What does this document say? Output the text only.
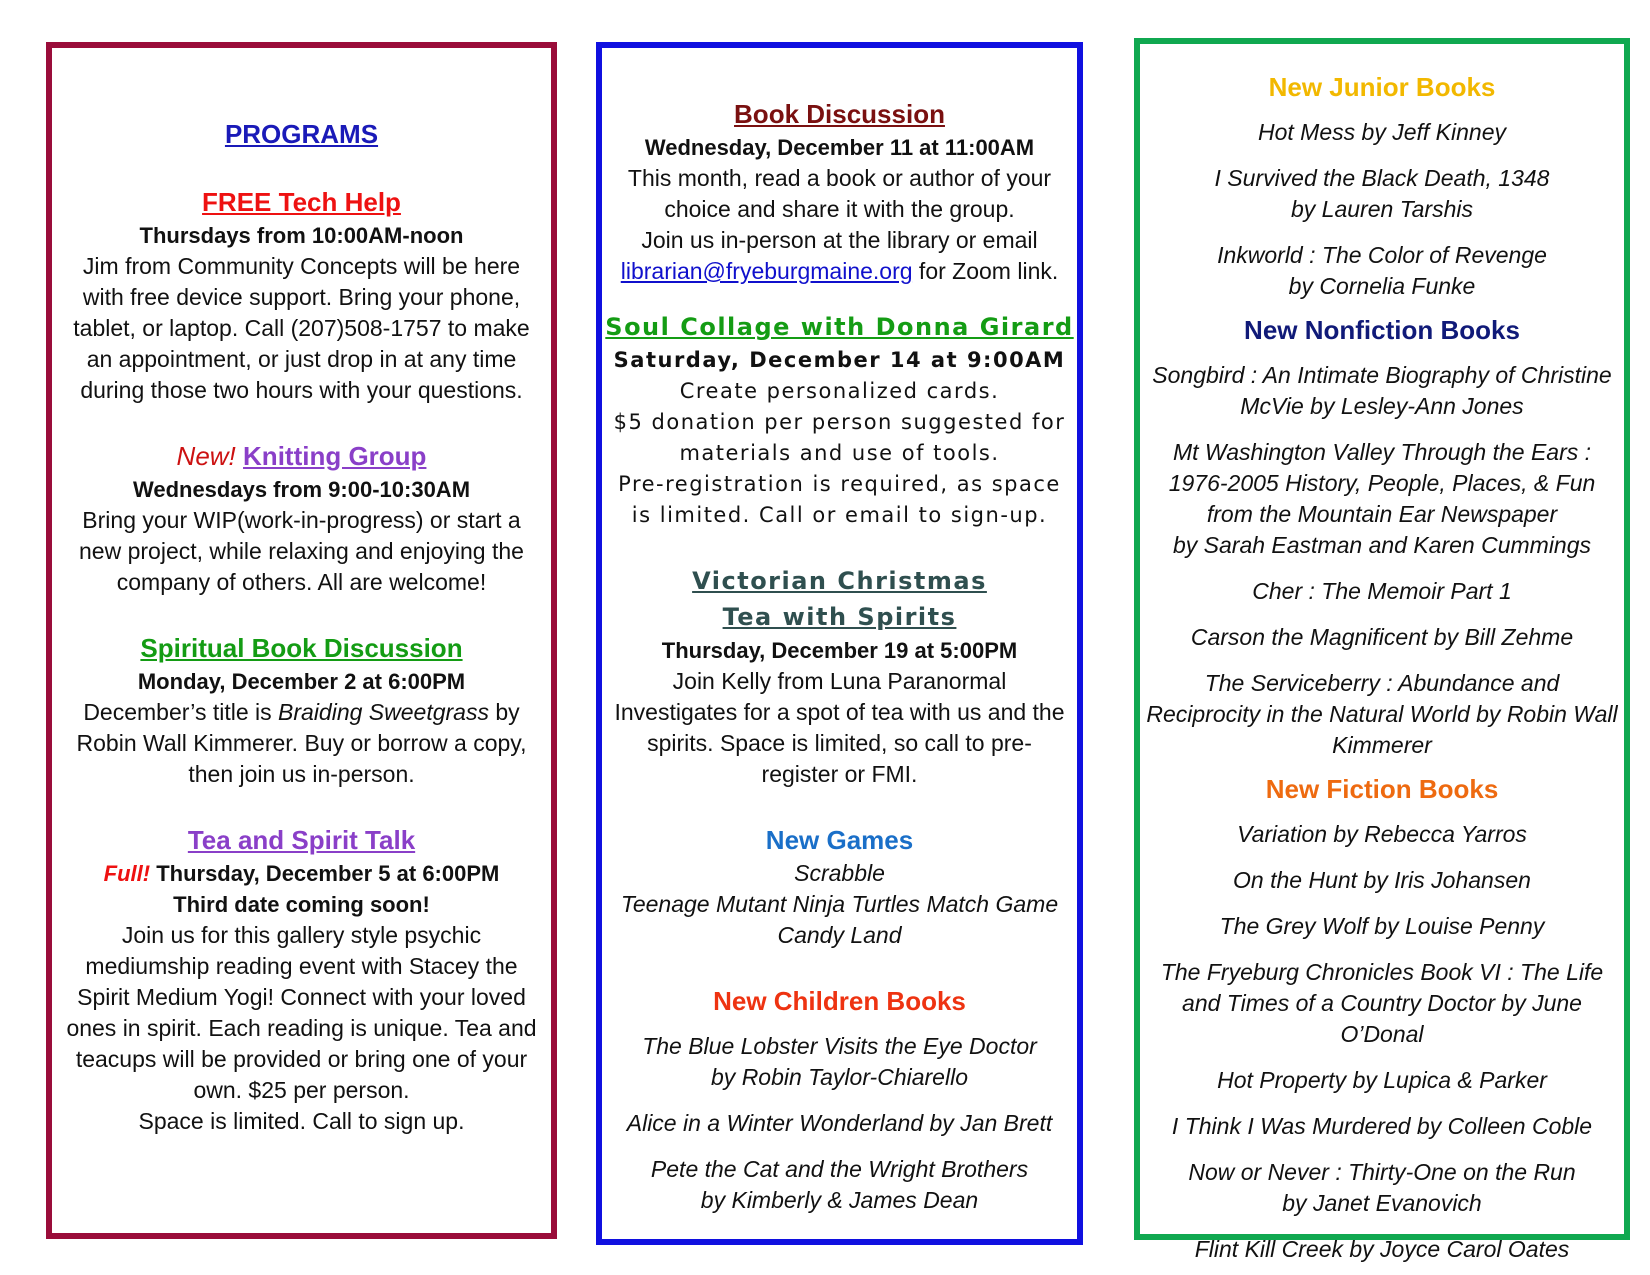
PROGRAMS

FREE Tech Help

Thursdays from 10:00AM-noon

Jim from Community Concepts will be here with free device support. Bring your phone, tablet, or laptop. Call (207)508-1757 to make an appointment, or just drop in at any time during those two hours with your questions.

New! Knitting Group

Wednesdays from 9:00-10:30AM

Bring your WIP(work-in-progress) or start a new project, while relaxing and enjoying the company of others. All are welcome!

Spiritual Book Discussion

Monday, December 2 at 6:00PM

December’s title is Braiding Sweetgrass by Robin Wall Kimmerer. Buy or borrow a copy, then join us in-person.

Tea and Spirit Talk

Full! Thursday, December 5 at 6:00PM

Third date coming soon!

Join us for this gallery style psychic mediumship reading event with Stacey the Spirit Medium Yogi! Connect with your loved ones in spirit. Each reading is unique. Tea and teacups will be provided or bring one of your own. $25 per person.

Space is limited. Call to sign up.

Book Discussion

Wednesday, December 11 at 11:00AM

This month, read a book or author of your choice and share it with the group.

Join us in-person at the library or email

librarian@fryeburgmaine.org for Zoom link.

Soul Collage with Donna Girard

Saturday, December 14 at 9:00AM

Create personalized cards.

$5 donation per person suggested for materials and use of tools.

Pre-registration is required, as space is limited. Call or email to sign-up.

Victorian Christmas

Tea with Spirits

Thursday, December 19 at 5:00PM

Join Kelly from Luna Paranormal Investigates for a spot of tea with us and the spirits. Space is limited, so call to pre-register or FMI.

New Games

Scrabble

Teenage Mutant Ninja Turtles Match Game

Candy Land

New Children Books

The Blue Lobster Visits the Eye Doctor
by Robin Taylor-Chiarello

Alice in a Winter Wonderland by Jan Brett

Pete the Cat and the Wright Brothers
by Kimberly & James Dean

New Junior Books

Hot Mess by Jeff Kinney

I Survived the Black Death, 1348
by Lauren Tarshis

Inkworld : The Color of Revenge
by Cornelia Funke

New Nonfiction Books

Songbird : An Intimate Biography of Christine McVie by Lesley-Ann Jones

Mt Washington Valley Through the Ears : 1976-2005 History, People, Places, & Fun from the Mountain Ear Newspaper
by Sarah Eastman and Karen Cummings

Cher : The Memoir Part 1

Carson the Magnificent by Bill Zehme

The Serviceberry : Abundance and Reciprocity in the Natural World by Robin Wall Kimmerer

New Fiction Books

Variation by Rebecca Yarros

On the Hunt by Iris Johansen

The Grey Wolf by Louise Penny

The Fryeburg Chronicles Book VI : The Life and Times of a Country Doctor by June O’Donal

Hot Property by Lupica & Parker

I Think I Was Murdered by Colleen Coble

Now or Never : Thirty-One on the Run
by Janet Evanovich

Flint Kill Creek by Joyce Carol Oates
